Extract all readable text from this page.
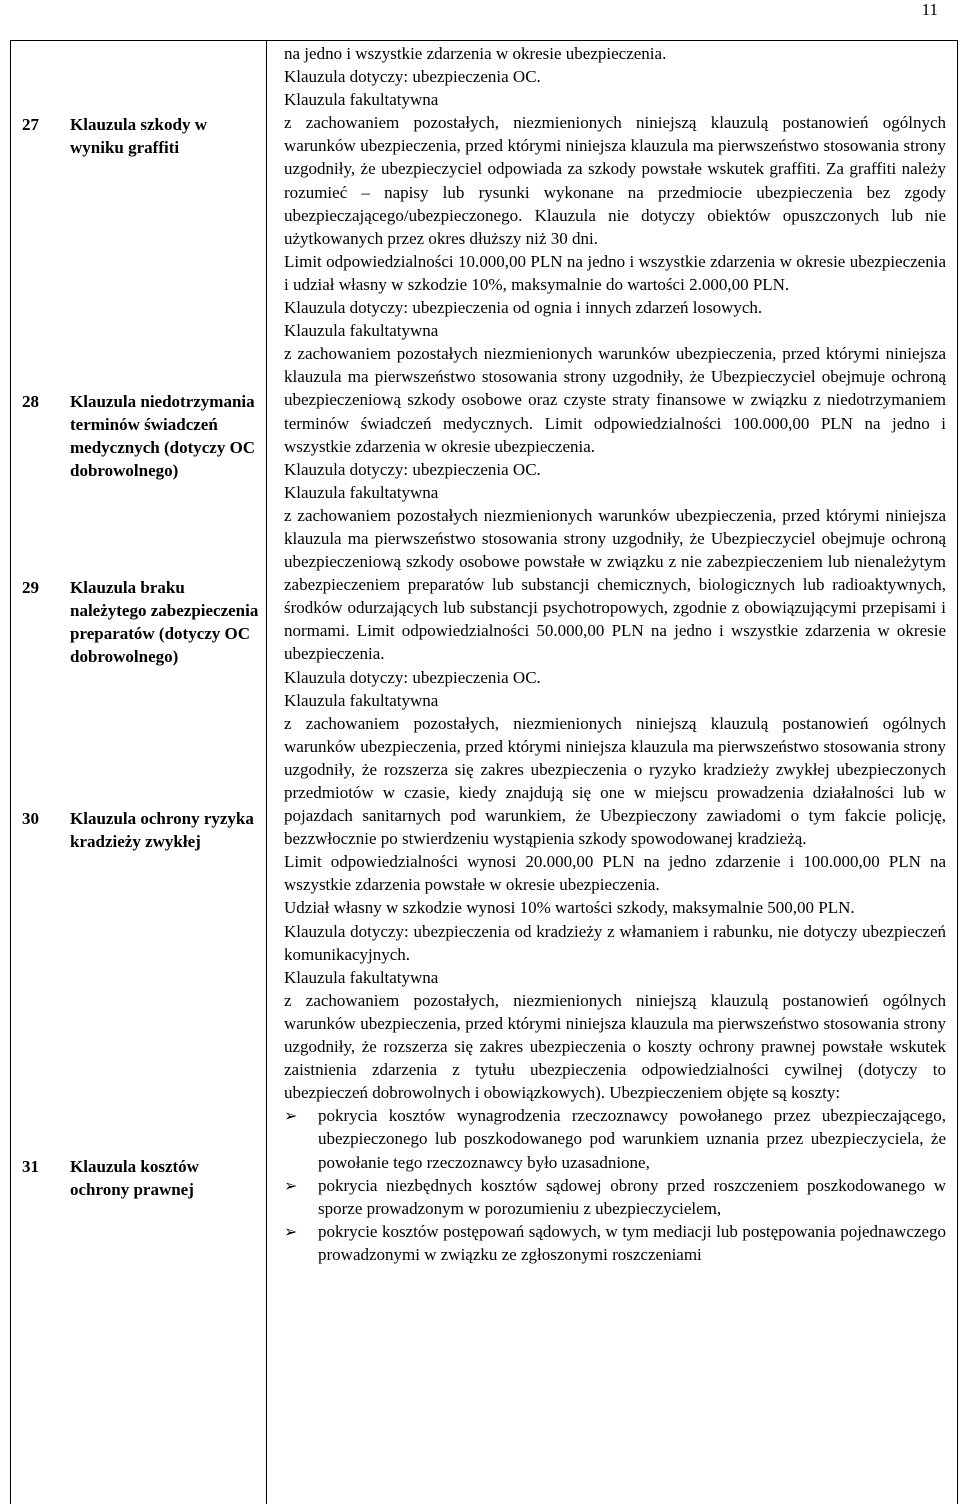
11
27 Klauzula szkody w wyniku graffiti
28 Klauzula niedotrzymania terminów świadczeń medycznych (dotyczy OC dobrowolnego)
29 Klauzula braku należytego zabezpieczenia preparatów (dotyczy OC dobrowolnego)
30 Klauzula ochrony ryzyka kradzieży zwykłej
31 Klauzula kosztów ochrony prawnej

na jedno i wszystkie zdarzenia w okresie ubezpieczenia.

Klauzula dotyczy: ubezpieczenia OC.

Klauzula fakultatywna

z zachowaniem pozostałych, niezmienionych niniejszą klauzulą postanowień ogólnych warunków ubezpieczenia, przed którymi niniejsza klauzula ma pierwszeństwo stosowania strony uzgodniły, że ubezpieczyciel odpowiada za szkody powstałe wskutek graffiti. Za graffiti należy rozumieć – napisy lub rysunki wykonane na przedmiocie ubezpieczenia bez zgody ubezpieczającego/ubezpieczonego. Klauzula nie dotyczy obiektów opuszczonych lub nie użytkowanych przez okres dłuższy niż 30 dni.

Limit odpowiedzialności 10.000,00 PLN na jedno i wszystkie zdarzenia w okresie ubezpieczenia i udział własny w szkodzie 10%, maksymalnie do wartości 2.000,00 PLN.

Klauzula dotyczy: ubezpieczenia od ognia i innych zdarzeń losowych.

Klauzula fakultatywna

z zachowaniem pozostałych niezmienionych warunków ubezpieczenia, przed którymi niniejsza klauzula ma pierwszeństwo stosowania strony uzgodniły, że Ubezpieczyciel obejmuje ochroną ubezpieczeniową szkody osobowe oraz czyste straty finansowe w związku z niedotrzymaniem terminów świadczeń medycznych. Limit odpowiedzialności 100.000,00 PLN na jedno i wszystkie zdarzenia w okresie ubezpieczenia.

Klauzula dotyczy: ubezpieczenia OC.

Klauzula fakultatywna

z zachowaniem pozostałych niezmienionych warunków ubezpieczenia, przed którymi niniejsza klauzula ma pierwszeństwo stosowania strony uzgodniły, że Ubezpieczyciel obejmuje ochroną ubezpieczeniową szkody osobowe powstałe w związku z nie zabezpieczeniem lub nienależytym zabezpieczeniem preparatów lub substancji chemicznych, biologicznych lub radioaktywnych, środków odurzających lub substancji psychotropowych, zgodnie z obowiązującymi przepisami i normami. Limit odpowiedzialności 50.000,00 PLN na jedno i wszystkie zdarzenia w okresie ubezpieczenia.

Klauzula dotyczy: ubezpieczenia OC.

Klauzula fakultatywna

z zachowaniem pozostałych, niezmienionych niniejszą klauzulą postanowień ogólnych warunków ubezpieczenia, przed którymi niniejsza klauzula ma pierwszeństwo stosowania strony uzgodniły, że rozszerza się zakres ubezpieczenia o ryzyko kradzieży zwykłej ubezpieczonych przedmiotów w czasie, kiedy znajdują się one w miejscu prowadzenia działalności lub w pojazdach sanitarnych pod warunkiem, że Ubezpieczony zawiadomi o tym fakcie policję, bezzwłocznie po stwierdzeniu wystąpienia szkody spowodowanej kradzieżą.

Limit odpowiedzialności wynosi 20.000,00 PLN na jedno zdarzenie i 100.000,00 PLN na wszystkie zdarzenia powstałe w okresie ubezpieczenia.

Udział własny w szkodzie wynosi 10% wartości szkody, maksymalnie 500,00 PLN.

Klauzula dotyczy: ubezpieczenia od kradzieży z włamaniem i rabunku, nie dotyczy ubezpieczeń komunikacyjnych.

Klauzula fakultatywna

z zachowaniem pozostałych, niezmienionych niniejszą klauzulą postanowień ogólnych warunków ubezpieczenia, przed którymi niniejsza klauzula ma pierwszeństwo stosowania strony uzgodniły, że rozszerza się zakres ubezpieczenia o koszty ochrony prawnej powstałe wskutek zaistnienia zdarzenia z tytułu ubezpieczenia odpowiedzialności cywilnej (dotyczy to ubezpieczeń dobrowolnych i obowiązkowych). Ubezpieczeniem objęte są koszty:

➢ pokrycia kosztów wynagrodzenia rzeczoznawcy powołanego przez ubezpieczającego, ubezpieczonego lub poszkodowanego pod warunkiem uznania przez ubezpieczyciela, że powołanie tego rzeczoznawcy było uzasadnione,
➢ pokrycia niezbędnych kosztów sądowej obrony przed roszczeniem poszkodowanego w sporze prowadzonym w porozumieniu z ubezpieczycielem,
➢ pokrycie kosztów postępowań sądowych, w tym mediacji lub postępowania pojednawczego prowadzonymi w związku ze zgłoszonymi roszczeniami
